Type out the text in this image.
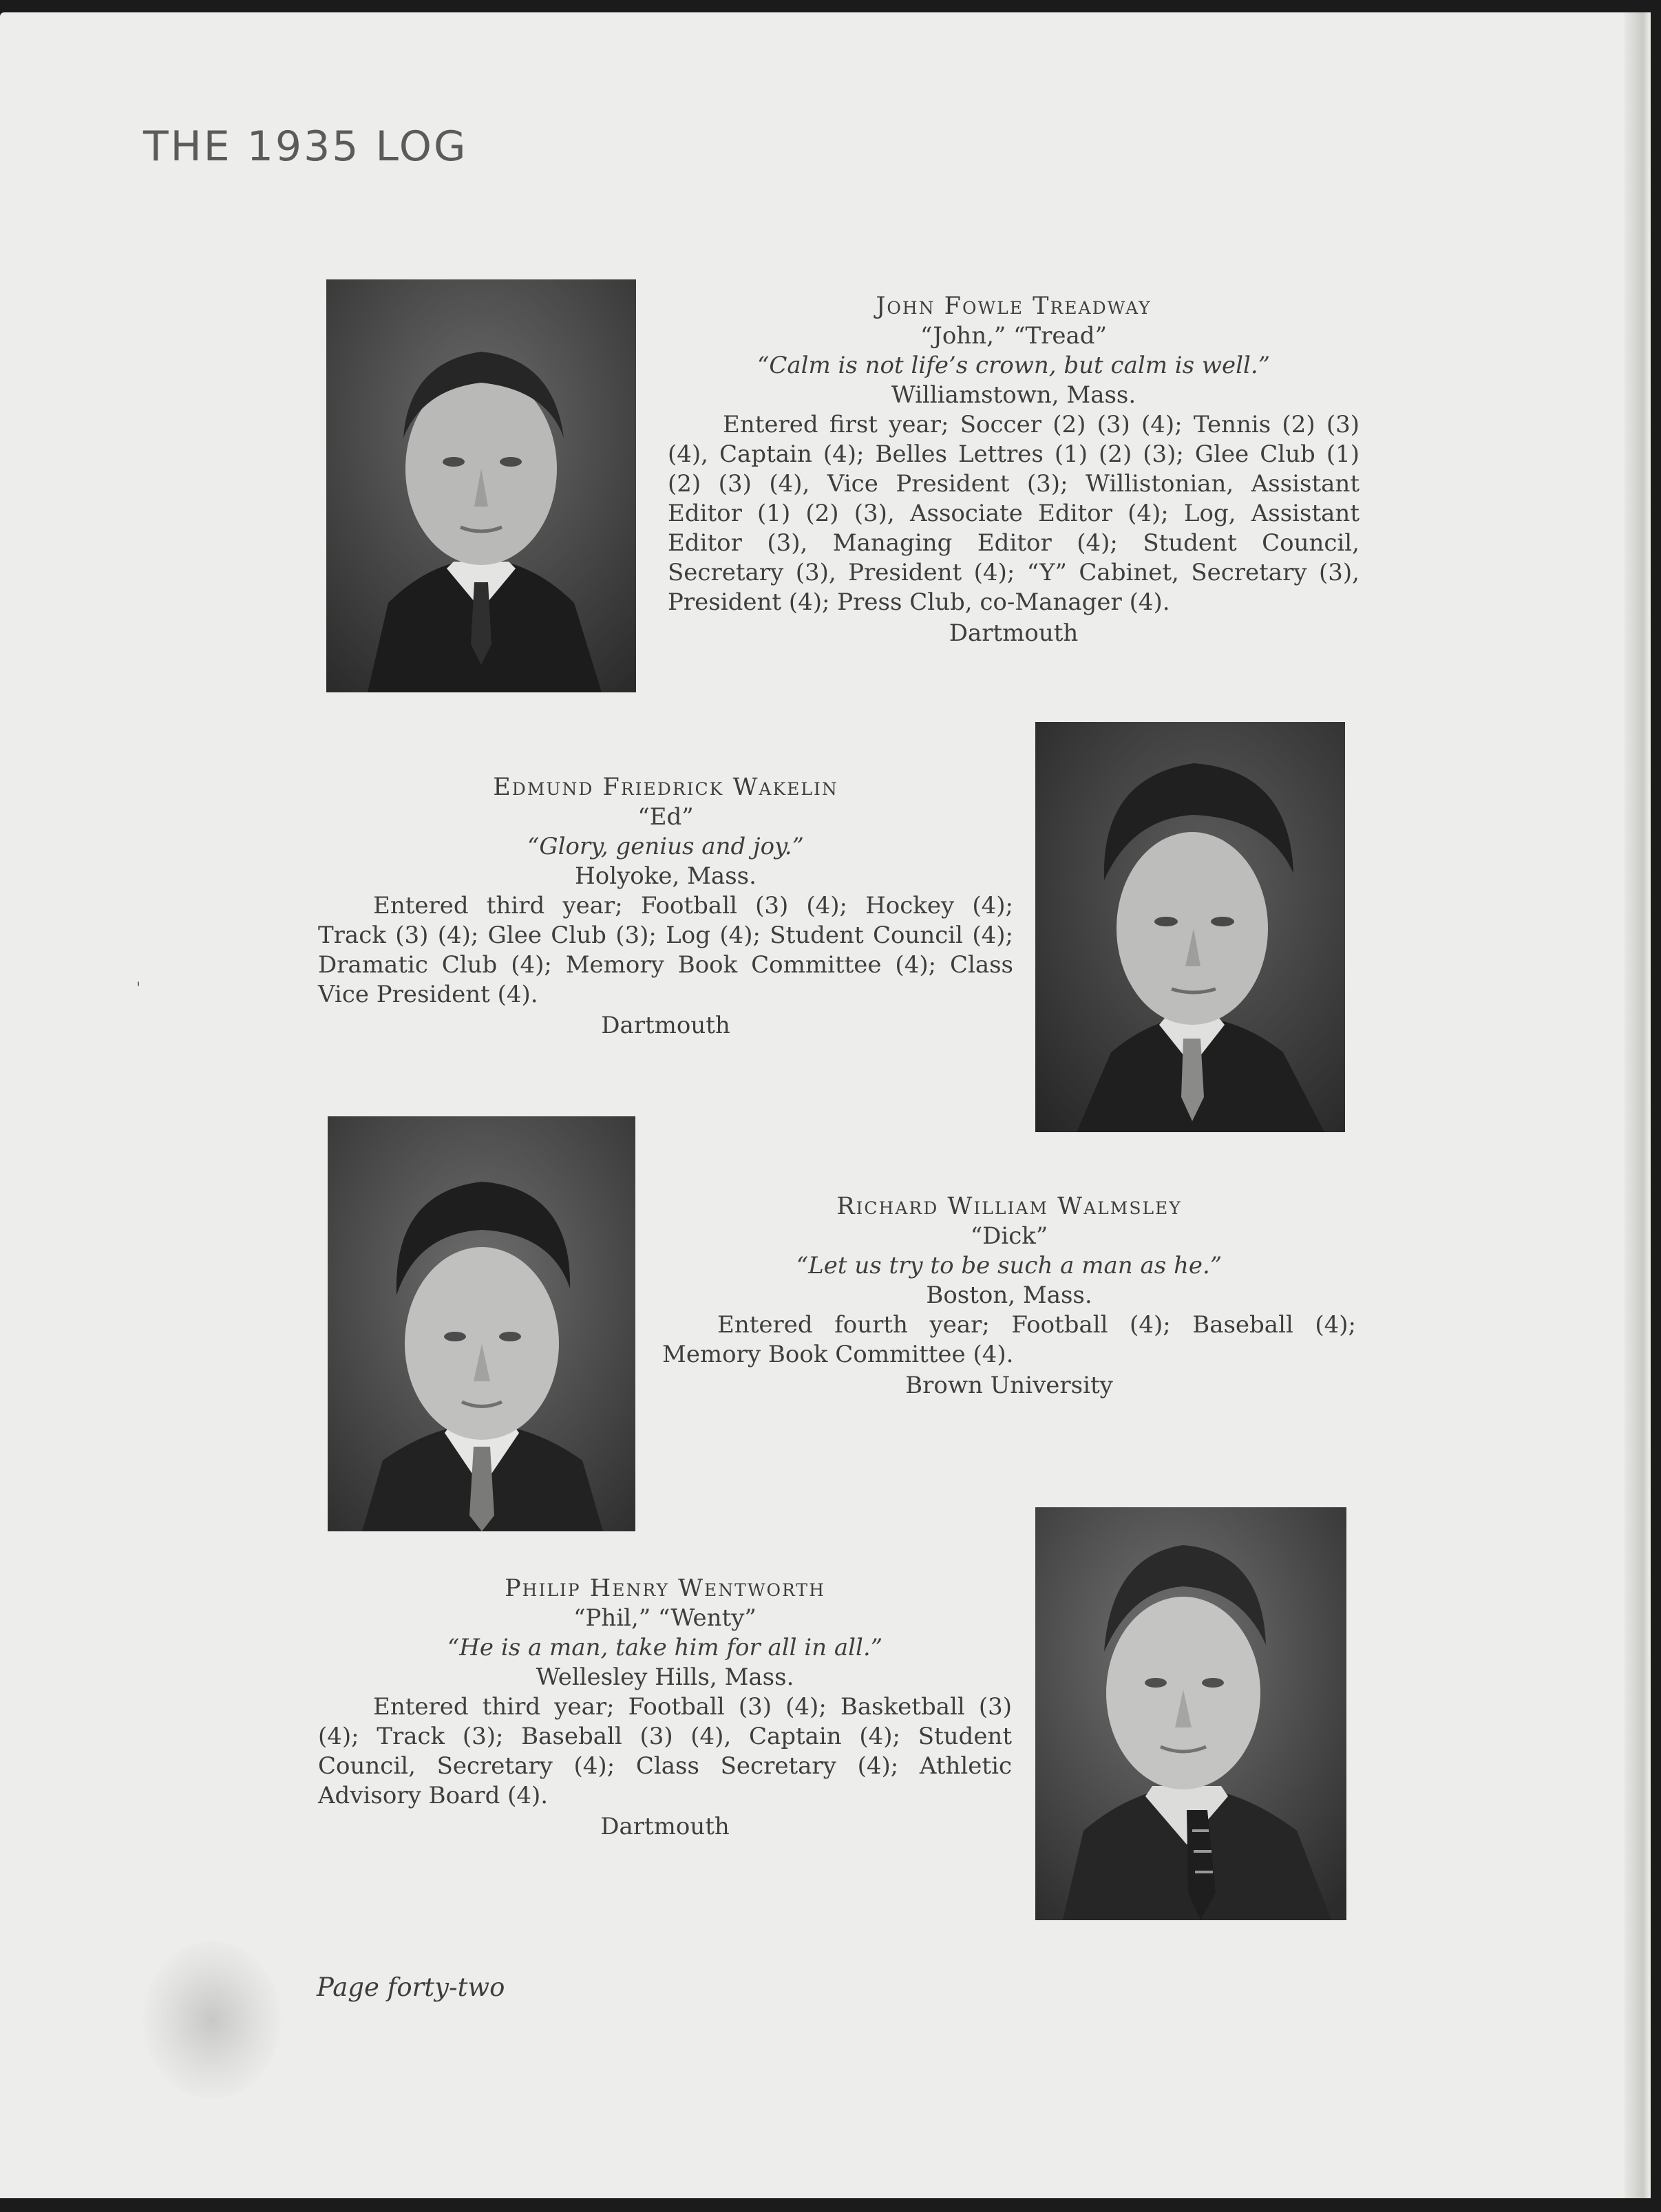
THE 1935 LOG
John Fowle Treadway
“John,” “Tread”
“Calm is not life’s crown, but calm is well.”
Williamstown, Mass.
Entered first year; Soccer (2) (3) (4); Tennis (2) (3) (4), Captain (4); Belles Lettres (1) (2) (3); Glee Club (1) (2) (3) (4), Vice President (3); Willistonian, Assistant Editor (1) (2) (3), Associate Editor (4); Log, Assistant Editor (3), Managing Editor (4); Student Council, Secretary (3), President (4); “Y” Cabinet, Secretary (3), President (4); Press Club, co-Manager (4).
Dartmouth
Edmund Friedrick Wakelin
“Ed”
“Glory, genius and joy.”
Holyoke, Mass.
Entered third year; Football (3) (4); Hockey (4); Track (3) (4); Glee Club (3); Log (4); Student Council (4); Dramatic Club (4); Memory Book Committee (4); Class Vice President (4).
Dartmouth
Richard William Walmsley
“Dick”
“Let us try to be such a man as he.”
Boston, Mass.
Entered fourth year; Football (4); Baseball (4); Memory Book Committee (4).
Brown University
Philip Henry Wentworth
“Phil,” “Wenty”
“He is a man, take him for all in all.”
Wellesley Hills, Mass.
Entered third year; Football (3) (4); Basketball (3) (4); Track (3); Baseball (3) (4), Captain (4); Student Council, Secretary (4); Class Secretary (4); Athletic Advisory Board (4).
Dartmouth
'
Page forty-two
